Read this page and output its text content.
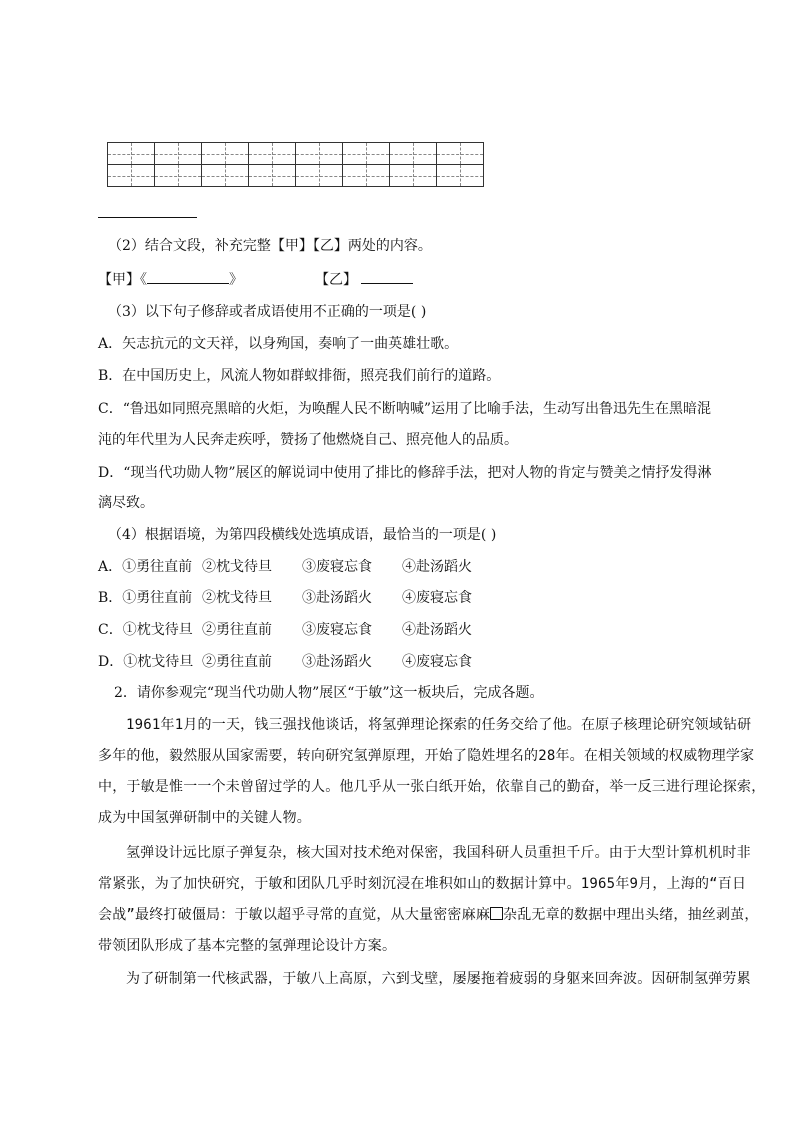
（2）结合文段，补充完整【甲】【乙】两处的内容。
【甲】《	》	【乙】
（3）以下句子修辞或者成语使用不正确的一项是( )
A．矢志抗元的文天祥，以身殉国，奏响了一曲英雄壮歌。
B．在中国历史上，风流人物如群蚁排衙，照亮我们前行的道路。
C．“鲁迅如同照亮黑暗的火炬，为唤醒人民不断呐喊”运用了比喻手法，生动写出鲁迅先生在黑暗混
沌的年代里为人民奔走疾呼，赞扬了他燃烧自己、照亮他人的品质。
D．“现当代功勋人物”展区的解说词中使用了排比的修辞手法，把对人物的肯定与赞美之情抒发得淋
漓尽致。
（4）根据语境，为第四段横线处选填成语，最恰当的一项是( )
A．①勇往直前 ②枕戈待旦 ③废寝忘食 ④赴汤蹈火
B．①勇往直前 ②枕戈待旦 ③赴汤蹈火 ④废寝忘食
C．①枕戈待旦 ②勇往直前 ③废寝忘食 ④赴汤蹈火
D．①枕戈待旦 ②勇往直前 ③赴汤蹈火 ④废寝忘食
2．请你参观完“现当代功勋人物”展区“于敏”这一板块后，完成各题。
1961年1月的一天，钱三强找他谈话，将氢弹理论探索的任务交给了他。在原子核理论研究领域钻研
多年的他，毅然服从国家需要，转向研究氢弹原理，开始了隐姓埋名的28年。在相关领域的权威物理学家
中，于敏是惟一一个未曾留过学的人。他几乎从一张白纸开始，依靠自己的勤奋，举一反三进行理论探索，
成为中国氢弹研制中的关键人物。
氢弹设计远比原子弹复杂，核大国对技术绝对保密，我国科研人员重担千斤。由于大型计算机机时非
常紧张，为了加快研究，于敏和团队几乎时刻沉浸在堆积如山的数据计算中。1965年9月，上海的“百日
会战”最终打破僵局：于敏以超乎寻常的直觉，从大量密密麻麻 杂乱无章的数据中理出头绪，抽丝剥茧，
带领团队形成了基本完整的氢弹理论设计方案。
为了研制第一代核武器，于敏八上高原，六到戈壁，屡屡拖着疲弱的身躯来回奔波。因研制氢弹劳累
